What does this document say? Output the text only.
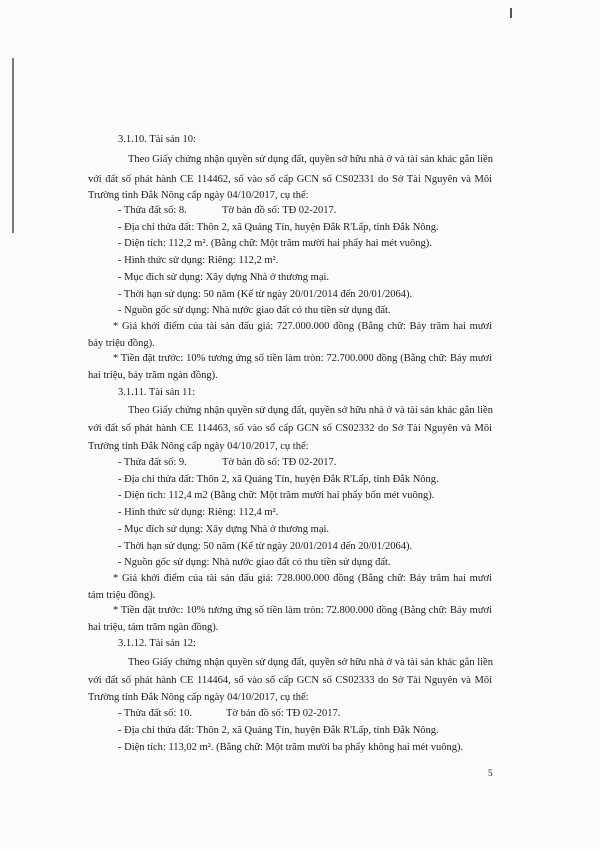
3.1.10. Tài sản 10:
Theo Giấy chứng nhận quyền sử dụng đất, quyền sở hữu nhà ở và tài sản khác gắn liền
với đất số phát hành CE 114462, số vào sổ cấp GCN số CS02331 do Sở Tài Nguyên và Môi
Trường tỉnh Đắk Nông cấp ngày 04/10/2017, cụ thể:
- Thửa đất số: 8.	Tờ bản đồ số: TĐ 02-2017.
- Địa chỉ thửa đất: Thôn 2, xã Quảng Tín, huyện Đắk R'Lấp, tỉnh Đắk Nông.
- Diện tích: 112,2 m². (Bằng chữ: Một trăm mười hai phẩy hai mét vuông).
- Hình thức sử dụng: Riêng: 112,2 m².
- Mục đích sử dụng: Xây dựng Nhà ở thương mại.
- Thời hạn sử dụng: 50 năm (Kể từ ngày 20/01/2014 đến 20/01/2064).
- Nguồn gốc sử dụng: Nhà nước giao đất có thu tiền sử dụng đất.
* Giá khởi điểm của tài sản đấu giá: 727.000.000 đồng (Bằng chữ: Bảy trăm hai mươi
bảy triệu đồng).
* Tiền đặt trước: 10% tương ứng số tiền làm tròn: 72.700.000 đồng (Bằng chữ: Bảy mươi
hai triệu, bảy trăm ngàn đồng).
3.1.11. Tài sản 11:
Theo Giấy chứng nhận quyền sử dụng đất, quyền sở hữu nhà ở và tài sản khác gắn liền
với đất số phát hành CE 114463, số vào sổ cấp GCN số CS02332 do Sở Tài Nguyên và Môi
Trường tỉnh Đắk Nông cấp ngày 04/10/2017, cụ thể:
- Thửa đất số: 9.	Tờ bản đồ số: TĐ 02-2017.
- Địa chỉ thửa đất: Thôn 2, xã Quảng Tín, huyện Đắk R'Lấp, tỉnh Đắk Nông.
- Diện tích: 112,4 m2 (Bằng chữ: Một trăm mười hai phẩy bốn mét vuông).
- Hình thức sử dụng: Riêng: 112,4 m².
- Mục đích sử dụng: Xây dựng Nhà ở thương mại.
- Thời hạn sử dụng: 50 năm (Kể từ ngày 20/01/2014 đến 20/01/2064).
- Nguồn gốc sử dụng: Nhà nước giao đất có thu tiền sử dụng đất.
* Giá khởi điểm của tài sản đấu giá: 728.000.000 đồng (Bằng chữ: Bảy trăm hai mươi
tám triệu đồng).
* Tiền đặt trước: 10% tương ứng số tiền làm tròn: 72.800.000 đồng (Bằng chữ: Bảy mươi
hai triệu, tám trăm ngàn đồng).
3.1.12. Tài sản 12:
Theo Giấy chứng nhận quyền sử dụng đất, quyền sở hữu nhà ở và tài sản khác gắn liền
với đất số phát hành CE 114464, số vào sổ cấp GCN số CS02333 do Sở Tài Nguyên và Môi
Trường tỉnh Đắk Nông cấp ngày 04/10/2017, cụ thể:
- Thửa đất số: 10.	Tờ bản đồ số: TĐ 02-2017.
- Địa chỉ thửa đất: Thôn 2, xã Quảng Tín, huyện Đắk R'Lấp, tỉnh Đắk Nông.
- Diện tích: 113,02 m². (Bằng chữ: Một trăm mười ba phẩy không hai mét vuông).
5
